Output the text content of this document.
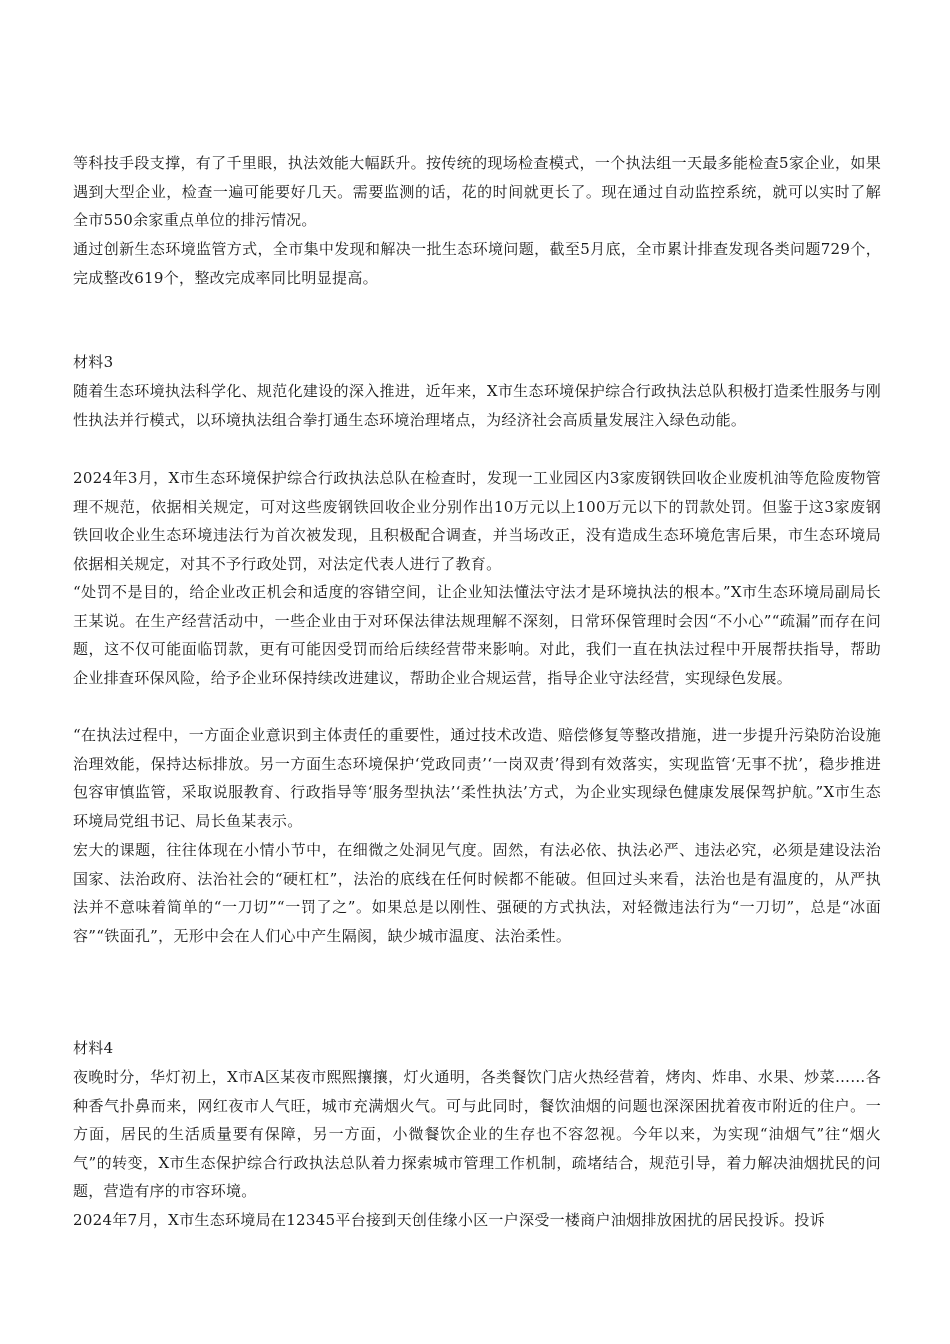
等科技手段支撑，有了千里眼，执法效能大幅跃升。按传统的现场检查模式，一个执法组一天最多能检查5家企业，如果遇到大型企业，检查一遍可能要好几天。需要监测的话，花的时间就更长了。现在通过自动监控系统，就可以实时了解全市550余家重点单位的排污情况。

通过创新生态环境监管方式，全市集中发现和解决一批生态环境问题，截至5月底，全市累计排查发现各类问题729个，完成整改619个，整改完成率同比明显提高。

材料3

随着生态环境执法科学化、规范化建设的深入推进，近年来，X市生态环境保护综合行政执法总队积极打造柔性服务与刚性执法并行模式，以环境执法组合拳打通生态环境治理堵点，为经济社会高质量发展注入绿色动能。

2024年3月，X市生态环境保护综合行政执法总队在检查时，发现一工业园区内3家废钢铁回收企业废机油等危险废物管理不规范，依据相关规定，可对这些废钢铁回收企业分别作出10万元以上100万元以下的罚款处罚。但鉴于这3家废钢铁回收企业生态环境违法行为首次被发现，且积极配合调查，并当场改正，没有造成生态环境危害后果，市生态环境局依据相关规定，对其不予行政处罚，对法定代表人进行了教育。

“处罚不是目的，给企业改正机会和适度的容错空间，让企业知法懂法守法才是环境执法的根本。”X市生态环境局副局长王某说。在生产经营活动中，一些企业由于对环保法律法规理解不深刻，日常环保管理时会因“不小心”“疏漏”而存在问题，这不仅可能面临罚款，更有可能因受罚而给后续经营带来影响。对此，我们一直在执法过程中开展帮扶指导，帮助企业排查环保风险，给予企业环保持续改进建议，帮助企业合规运营，指导企业守法经营，实现绿色发展。

“在执法过程中，一方面企业意识到主体责任的重要性，通过技术改造、赔偿修复等整改措施，进一步提升污染防治设施治理效能，保持达标排放。另一方面生态环境保护‘党政同责’‘一岗双责’得到有效落实，实现监管‘无事不扰’，稳步推进包容审慎监管，采取说服教育、行政指导等‘服务型执法’‘柔性执法’方式，为企业实现绿色健康发展保驾护航。”X市生态环境局党组书记、局长鱼某表示。

宏大的课题，往往体现在小情小节中，在细微之处洞见气度。固然，有法必依、执法必严、违法必究，必须是建设法治国家、法治政府、法治社会的“硬杠杠”，法治的底线在任何时候都不能破。但回过头来看，法治也是有温度的，从严执法并不意味着简单的“一刀切”“一罚了之”。如果总是以刚性、强硬的方式执法，对轻微违法行为“一刀切”，总是“冰面容”“铁面孔”，无形中会在人们心中产生隔阂，缺少城市温度、法治柔性。

材料4

夜晚时分，华灯初上，X市A区某夜市熙熙攘攘，灯火通明，各类餐饮门店火热经营着，烤肉、炸串、水果、炒菜……各种香气扑鼻而来，网红夜市人气旺，城市充满烟火气。可与此同时，餐饮油烟的问题也深深困扰着夜市附近的住户。一方面，居民的生活质量要有保障，另一方面，小微餐饮企业的生存也不容忽视。今年以来，为实现“油烟气”往“烟火气”的转变，X市生态保护综合行政执法总队着力探索城市管理工作机制，疏堵结合，规范引导，着力解决油烟扰民的问题，营造有序的市容环境。

2024年7月，X市生态环境局在12345平台接到天创佳缘小区一户深受一楼商户油烟排放困扰的居民投诉。投诉
